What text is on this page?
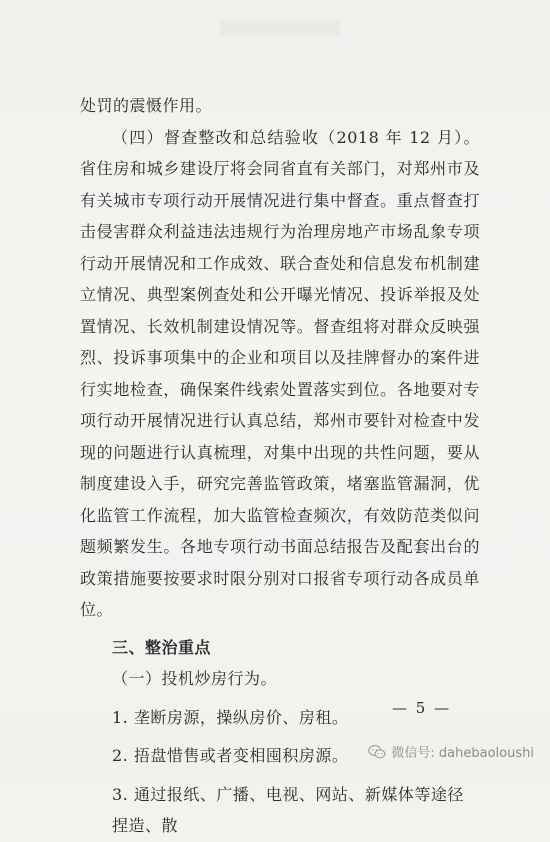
处罚的震慑作用。

（四）督查整改和总结验收（2018 年 12 月）。省住房和城乡建设厅将会同省直有关部门，对郑州市及有关城市专项行动开展情况进行集中督查。重点督查打击侵害群众利益违法违规行为治理房地产市场乱象专项行动开展情况和工作成效、联合查处和信息发布机制建立情况、典型案例查处和公开曝光情况、投诉举报及处置情况、长效机制建设情况等。督查组将对群众反映强烈、投诉事项集中的企业和项目以及挂牌督办的案件进行实地检查，确保案件线索处置落实到位。各地要对专项行动开展情况进行认真总结，郑州市要针对检查中发现的问题进行认真梳理，对集中出现的共性问题，要从制度建设入手，研究完善监管政策，堵塞监管漏洞，优化监管工作流程，加大监管检查频次，有效防范类似问题频繁发生。各地专项行动书面总结报告及配套出台的政策措施要按要求时限分别对口报省专项行动各成员单位。

三、整治重点

（一）投机炒房行为。

1. 垄断房源，操纵房价、房租。

2. 捂盘惜售或者变相囤积房源。

3. 通过报纸、广播、电视、网站、新媒体等途径捏造、散

— 5 —
微信号: dahebaoloushi
